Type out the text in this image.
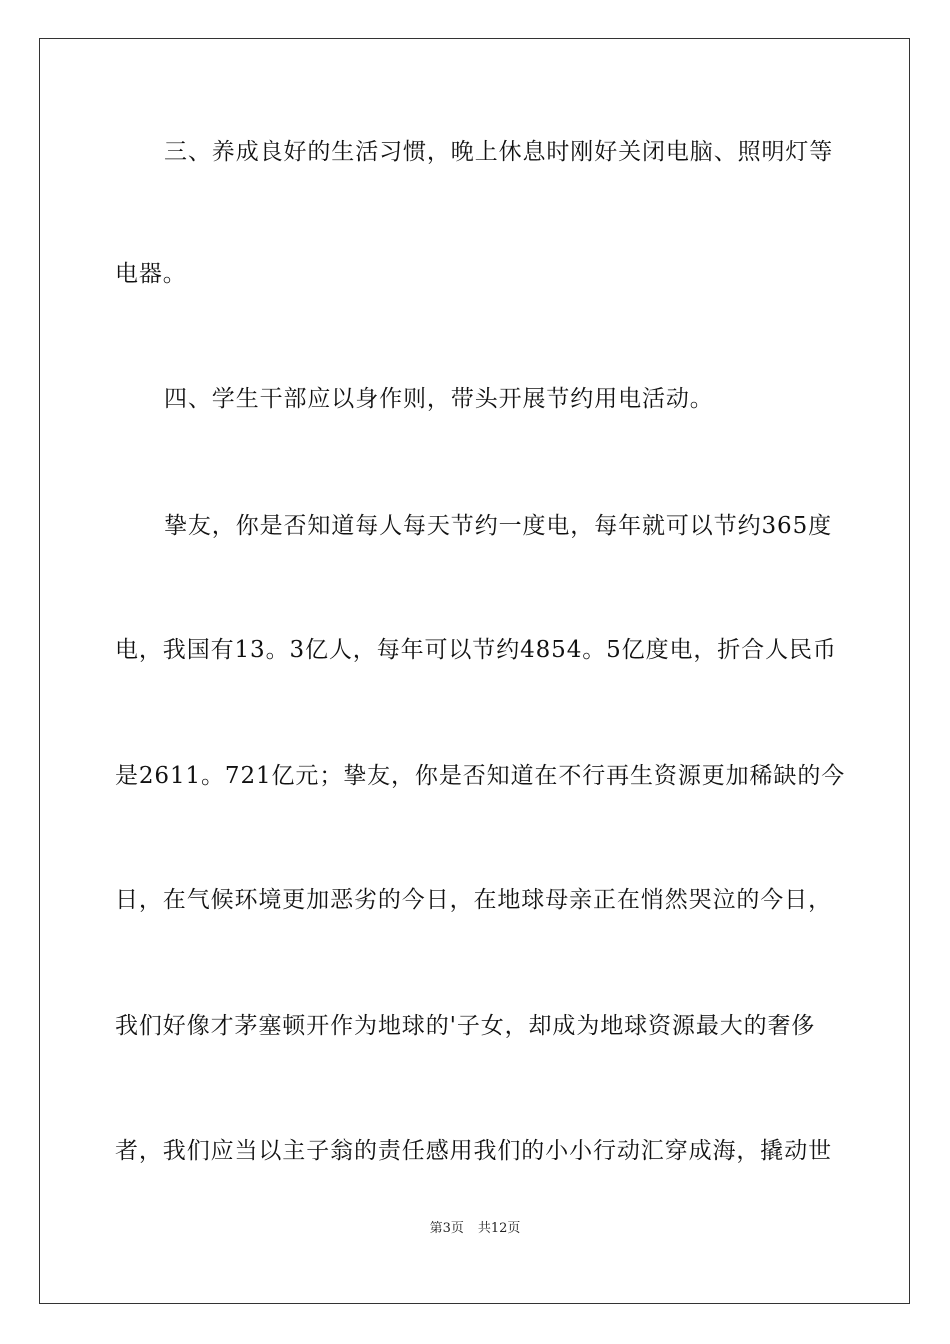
三、养成良好的生活习惯，晚上休息时刚好关闭电脑、照明灯等
电器。
四、学生干部应以身作则，带头开展节约用电活动。
挚友，你是否知道每人每天节约一度电，每年就可以节约365度
电，我国有13。3亿人，每年可以节约4854。5亿度电，折合人民币
是2611。721亿元；挚友，你是否知道在不行再生资源更加稀缺的今
日，在气候环境更加恶劣的今日，在地球母亲正在悄然哭泣的今日，
我们好像才茅塞顿开作为地球的'子女，却成为地球资源最大的奢侈
者，我们应当以主子翁的责任感用我们的小小行动汇穿成海，撬动世
第3页 共12页
